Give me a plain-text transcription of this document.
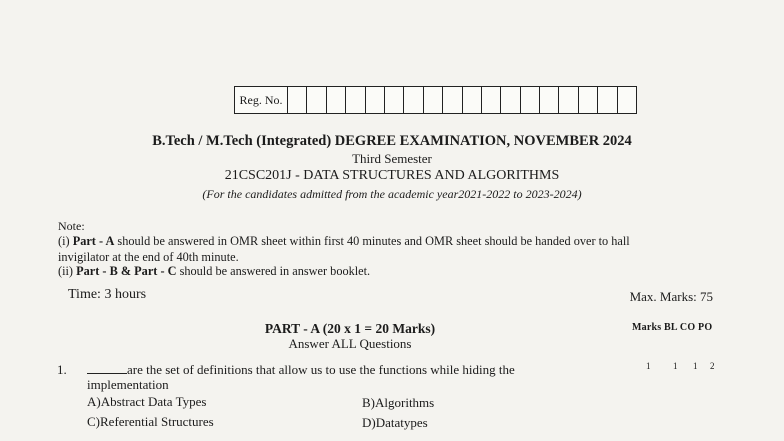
Reg. No.
B.Tech / M.Tech (Integrated) DEGREE EXAMINATION, NOVEMBER 2024
Third Semester
21CSC201J - DATA STRUCTURES AND ALGORITHMS
(For the candidates admitted from the academic year2021-2022 to 2023-2024)
Note:
(i) Part - A should be answered in OMR sheet within first 40 minutes and OMR sheet should be handed over to hall
invigilator at the end of 40th minute.
(ii) Part - B & Part - C should be answered in answer booklet.
Time: 3 hours	Max. Marks: 75
PART - A (20 x 1 = 20 Marks)
Answer ALL Questions
Marks BL CO PO
1.	are the set of definitions that allow us to use the functions while hiding the
implementation
1	1 1 2
A)Abstract Data Types	B)Algorithms
C)Referential Structures	D)Datatypes
